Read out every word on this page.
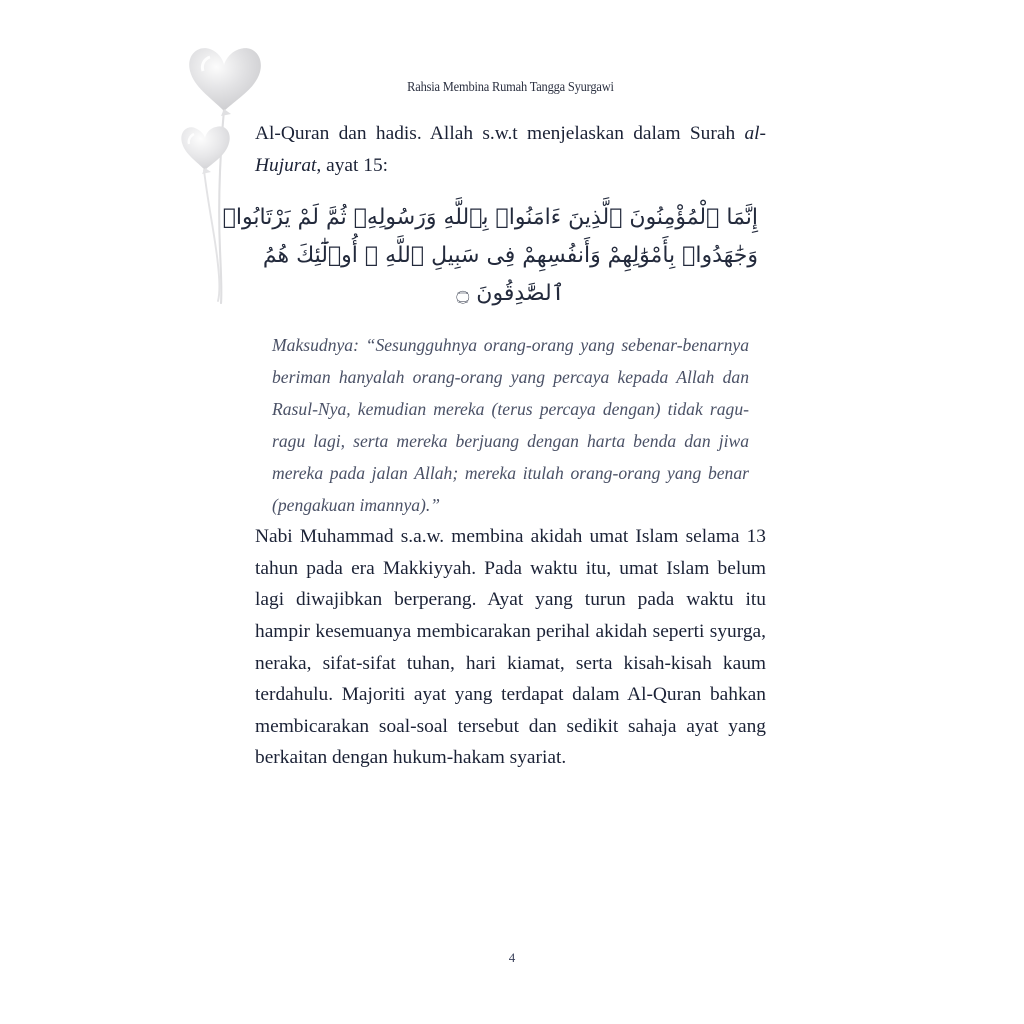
Rahsia Membina Rumah Tangga Syurgawi

Al-Quran dan hadis. Allah s.w.t menjelaskan dalam Surah al-Hujurat, ayat 15:

إِنَّمَا ٱلْمُؤْمِنُونَ ٱلَّذِينَ ءَامَنُوا۟ بِٱللَّهِ وَرَسُولِهِۦ ثُمَّ لَمْ يَرْتَابُوا۟
وَجَٰهَدُوا۟ بِأَمْوَٰلِهِمْ وَأَنفُسِهِمْ فِى سَبِيلِ ٱللَّهِ ۚ أُو۟لَٰٓئِكَ هُمُ
ٱلصَّٰدِقُونَ ۝

Maksudnya: “Sesungguhnya orang-orang yang sebenar-benarnya beriman hanyalah orang-orang yang percaya kepada Allah dan Rasul-Nya, kemudian mereka (terus percaya dengan) tidak ragu-ragu lagi, serta mereka berjuang dengan harta benda dan jiwa mereka pada jalan Allah; mereka itulah orang-orang yang benar (pengakuan imannya).”

Nabi Muhammad s.a.w. membina akidah umat Islam selama 13 tahun pada era Makkiyyah. Pada waktu itu, umat Islam belum lagi diwajibkan berperang. Ayat yang turun pada waktu itu hampir kesemuanya membicarakan perihal akidah seperti syurga, neraka, sifat-sifat tuhan, hari kiamat, serta kisah-kisah kaum terdahulu. Majoriti ayat yang terdapat dalam Al-Quran bahkan membicarakan soal-soal tersebut dan sedikit sahaja ayat yang berkaitan dengan hukum-hakam syariat.

4
